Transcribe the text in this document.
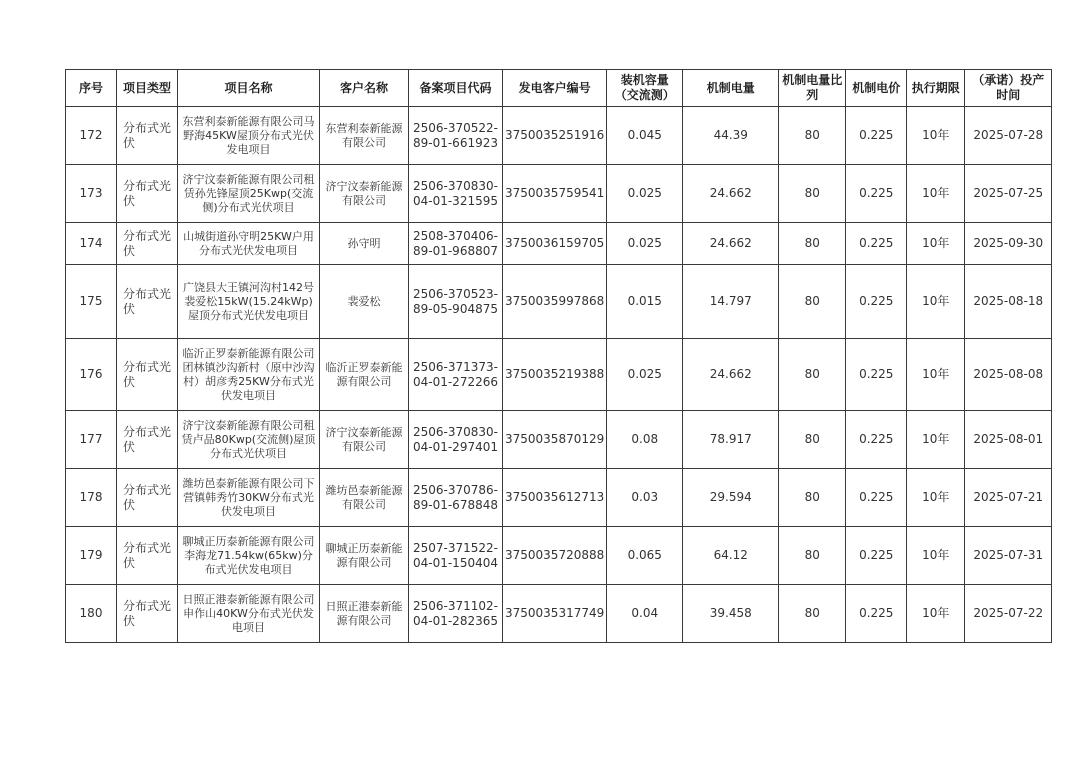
序号	项目类型	项目名称	客户名称	备案项目代码	发电客户编号	装机容量（交流测）	机制电量	机制电量比列	机制电价	执行期限	（承诺）投产时间
172	分布式光伏	东营利泰新能源有限公司马野海45KW屋顶分布式光伏发电项目	东营利泰新能源有限公司	2506-370522-89-01-661923	3750035251916	0.045	44.39	80	0.225	10年	2025-07-28
173	分布式光伏	济宁汶泰新能源有限公司租赁孙先锋屋顶25Kwp(交流侧)分布式光伏项目	济宁汶泰新能源有限公司	2506-370830-04-01-321595	3750035759541	0.025	24.662	80	0.225	10年	2025-07-25
174	分布式光伏	山城街道孙守明25KW户用分布式光伏发电项目	孙守明	2508-370406-89-01-968807	3750036159705	0.025	24.662	80	0.225	10年	2025-09-30
175	分布式光伏	广饶县大王镇河沟村142号裴爱松15kW(15.24kWp)屋顶分布式光伏发电项目	裴爱松	2506-370523-89-05-904875	3750035997868	0.015	14.797	80	0.225	10年	2025-08-18
176	分布式光伏	临沂正罗泰新能源有限公司团林镇沙沟新村（原中沙沟村）胡彦秀25KW分布式光伏发电项目	临沂正罗泰新能源有限公司	2506-371373-04-01-272266	3750035219388	0.025	24.662	80	0.225	10年	2025-08-08
177	分布式光伏	济宁汶泰新能源有限公司租赁卢品80Kwp(交流侧)屋顶分布式光伏项目	济宁汶泰新能源有限公司	2506-370830-04-01-297401	3750035870129	0.08	78.917	80	0.225	10年	2025-08-01
178	分布式光伏	潍坊邑泰新能源有限公司下营镇韩秀竹30KW分布式光伏发电项目	潍坊邑泰新能源有限公司	2506-370786-89-01-678848	3750035612713	0.03	29.594	80	0.225	10年	2025-07-21
179	分布式光伏	聊城正历泰新能源有限公司李海龙71.54kw(65kw)分布式光伏发电项目	聊城正历泰新能源有限公司	2507-371522-04-01-150404	3750035720888	0.065	64.12	80	0.225	10年	2025-07-31
180	分布式光伏	日照正港泰新能源有限公司申作山40KW分布式光伏发电项目	日照正港泰新能源有限公司	2506-371102-04-01-282365	3750035317749	0.04	39.458	80	0.225	10年	2025-07-22
